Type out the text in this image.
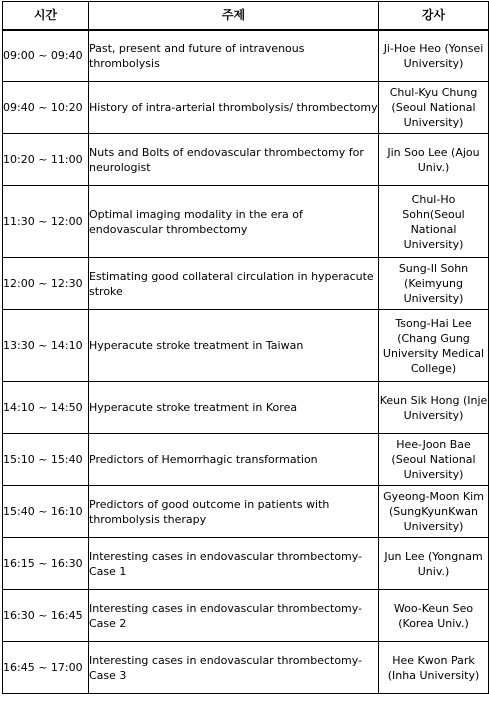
시간	주제	강사
09:00 ~ 09:40	Past, present and future of intravenous thrombolysis	Ji-Hoe Heo (Yonsei University)
09:40 ~ 10:20	History of intra-arterial thrombolysis/ thrombectomy	Chul-Kyu Chung (Seoul National University)
10:20 ~ 11:00	Nuts and Bolts of endovascular thrombectomy for neurologist	Jin Soo Lee (Ajou Univ.)
11:30 ~ 12:00	Optimal imaging modality in the era of endovascular thrombectomy	Chul-Ho Sohn(Seoul National University)
12:00 ~ 12:30	Estimating good collateral circulation in hyperacute stroke	Sung-Il Sohn (Keimyung University)
13:30 ~ 14:10	Hyperacute stroke treatment in Taiwan	Tsong-Hai Lee (Chang Gung University Medical College)
14:10 ~ 14:50	Hyperacute stroke treatment in Korea	Keun Sik Hong (Inje University)
15:10 ~ 15:40	Predictors of Hemorrhagic transformation	Hee-Joon Bae (Seoul National University)
15:40 ~ 16:10	Predictors of good outcome in patients with thrombolysis therapy	Gyeong-Moon Kim (SungKyunKwan University)
16:15 ~ 16:30	Interesting cases in endovascular thrombectomy-Case 1	Jun Lee (Yongnam Univ.)
16:30 ~ 16:45	Interesting cases in endovascular thrombectomy-Case 2	Woo-Keun Seo (Korea Univ.)
16:45 ~ 17:00	Interesting cases in endovascular thrombectomy-Case 3	Hee Kwon Park (Inha University)
